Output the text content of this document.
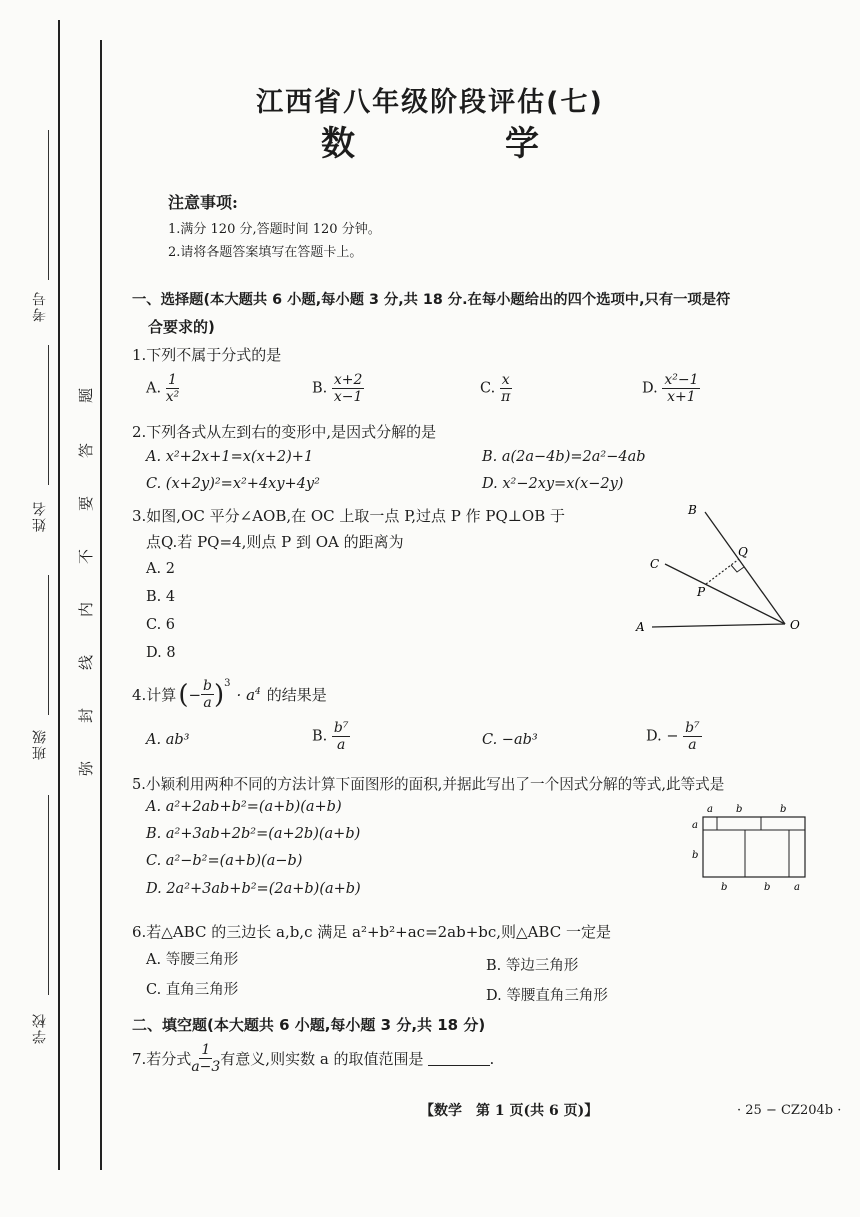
考号
姓名
班级
学校
题
答
要
不
内
线
封
弥
江西省八年级阶段评估(七)
数　学
注意事项:
1.满分 120 分,答题时间 120 分钟。
2.请将各题答案填写在答题卡上。
一、选择题(本大题共 6 小题,每小题 3 分,共 18 分.在每小题给出的四个选项中,只有一项是符
合要求的)
1.下列不属于分式的是
A. $\frac{1}{\text{x²}}$	B. $\frac{x+2}{x-1}$	C. $\frac{x}{\pi}$	D. $\frac{\text{x²−1}}{x+1}$
2.下列各式从左到右的变形中,是因式分解的是
A. x²+2x+1=x(x+2)+1	B. a(2a−4b)=2a²−4ab
C. (x+2y)²=x²+4xy+4y²	D. x²−2xy=x(x−2y)
3.如图,OC 平分∠AOB,在 OC 上取一点 P,过点 P 作 PQ⊥OB 于
点Q.若 PQ=4,则点 P 到 OA 的距离为
A. 2
B. 4
C. 6
D. 8
B
Q
C
P
A	O
4.计算 ( − $\frac{b}{a}$ ) 3
· $a^4$ 的结果是
A. ab³	B. $\frac{\text{b⁷}}{a}$	C. −ab³	D. − $\frac{\text{b⁷}}{a}$
5.小颖利用两种不同的方法计算下面图形的面积,并据此写出了一个因式分解的等式,此等式是
A. a²+2ab+b²=(a+b)(a+b)
B. a²+3ab+2b²=(a+2b)(a+b)
C. a²−b²=(a+b)(a−b)
D. 2a²+3ab+b²=(2a+b)(a+b)
a b	b
a
b
b	b a
6.若△ABC 的三边长 a,b,c 满足 a²+b²+ac=2ab+bc,则△ABC 一定是
A. 等腰三角形	B. 等边三角形
C. 直角三角形	D. 等腰直角三角形
二、填空题(本大题共 6 小题,每小题 3 分,共 18 分)
7.若分式 $\frac{1}{a-3}$ 有意义,则实数 a 的取值范围是	.
【数学　第 1 页(共 6 页)】	· 25 − CZ204b ·
